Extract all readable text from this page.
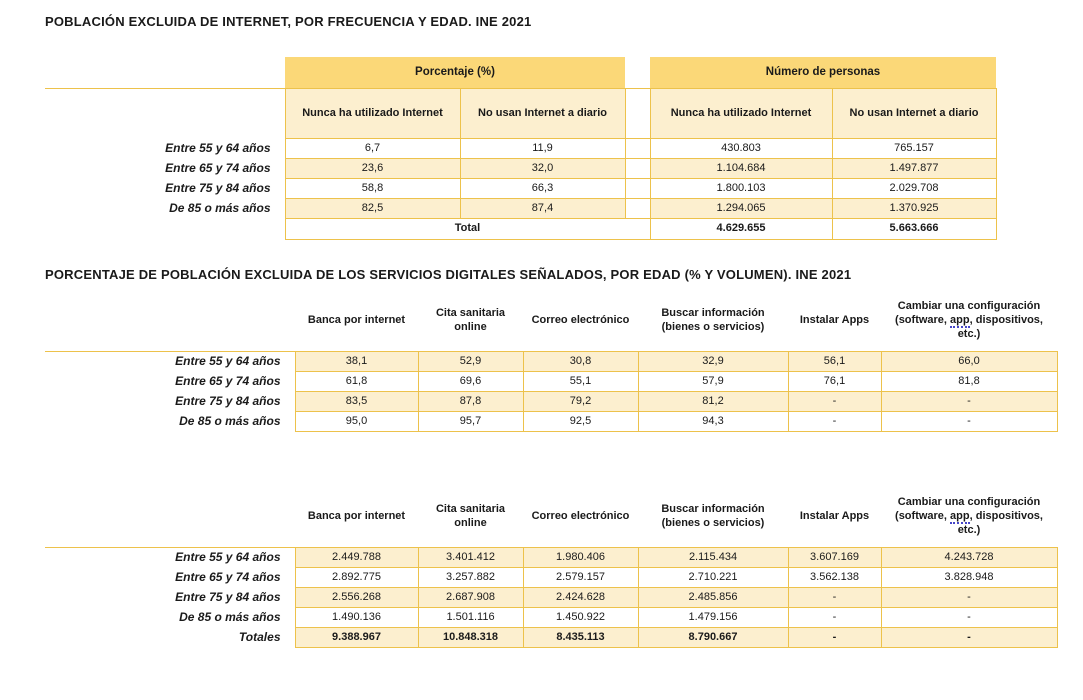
POBLACIÓN EXCLUIDA DE INTERNET, POR FRECUENCIA Y EDAD. INE 2021
	Porcentaje (%)			Número de personas	
	Nunca ha utilizado Internet	No usan Internet a diario		Nunca ha utilizado Internet	No usan Internet a diario
Entre 55 y 64 años	6,7	11,9		430.803	765.157
Entre 65 y 74 años	23,6	32,0		1.104.684	1.497.877
Entre 75 y 84 años	58,8	66,3		1.800.103	2.029.708
De 85 o más años	82,5	87,4		1.294.065	1.370.925
	Total			4.629.655	5.663.666
PORCENTAJE DE POBLACIÓN EXCLUIDA DE LOS SERVICIOS DIGITALES SEÑALADOS, POR EDAD (% Y VOLUMEN). INE 2021
	Banca por internet	Cita sanitaria online	Correo electrónico	Buscar información (bienes o servicios)	Instalar Apps	Cambiar una configuración (software, app, dispositivos, etc.)
Entre 55 y 64 años	38,1	52,9	30,8	32,9	56,1	66,0
Entre 65 y 74 años	61,8	69,6	55,1	57,9	76,1	81,8
Entre 75 y 84 años	83,5	87,8	79,2	81,2	-	-
De 85 o más años	95,0	95,7	92,5	94,3	-	-
	Banca por internet	Cita sanitaria online	Correo electrónico	Buscar información (bienes o servicios)	Instalar Apps	Cambiar una configuración (software, app, dispositivos, etc.)
Entre 55 y 64 años	2.449.788	3.401.412	1.980.406	2.115.434	3.607.169	4.243.728
Entre 65 y 74 años	2.892.775	3.257.882	2.579.157	2.710.221	3.562.138	3.828.948
Entre 75 y 84 años	2.556.268	2.687.908	2.424.628	2.485.856	-	-
De 85 o más años	1.490.136	1.501.116	1.450.922	1.479.156	-	-
Totales	9.388.967	10.848.318	8.435.113	8.790.667	-	-
